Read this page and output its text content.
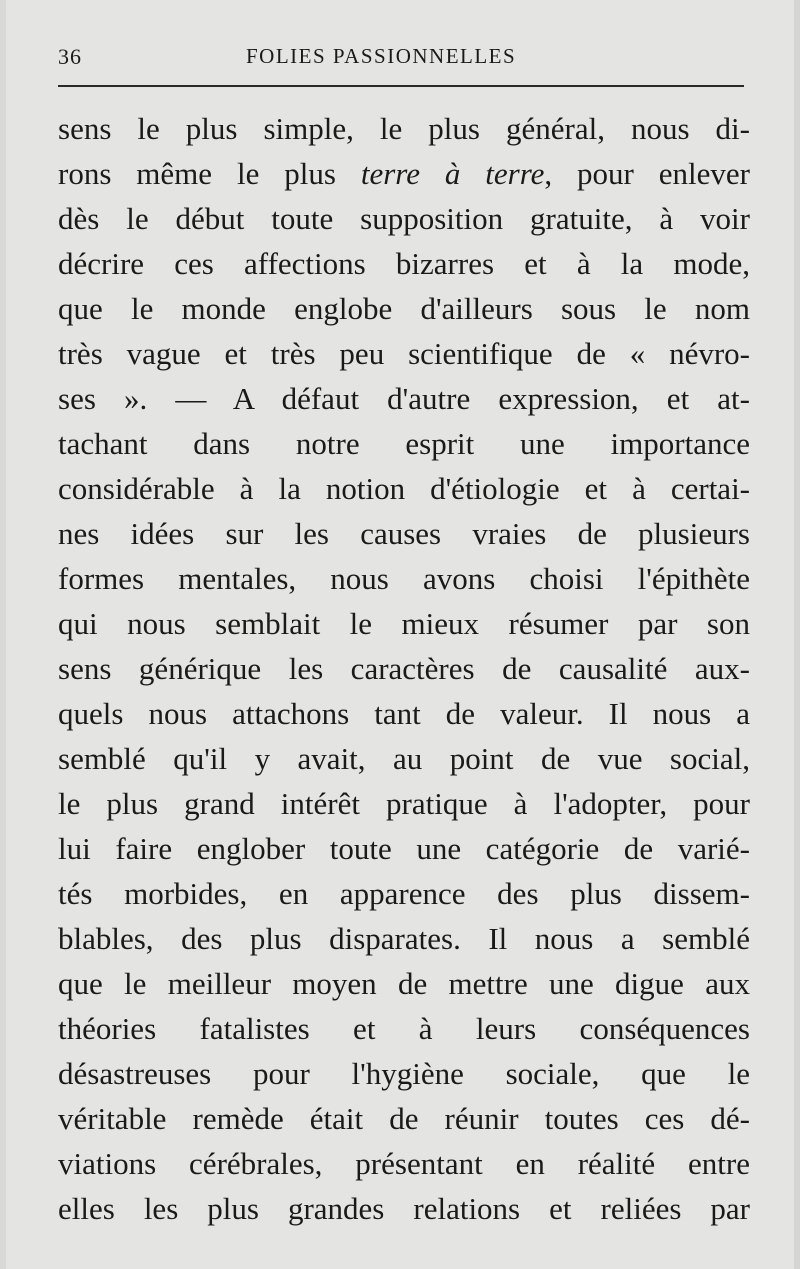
36	FOLIES PASSIONNELLES
sens le plus simple, le plus général, nous di-
rons même le plus terre à terre, pour enlever
dès le début toute supposition gratuite, à voir
décrire ces affections bizarres et à la mode,
que le monde englobe d'ailleurs sous le nom
très vague et très peu scientifique de « névro-
ses ». — A défaut d'autre expression, et at-
tachant dans notre esprit une importance
considérable à la notion d'étiologie et à certai-
nes idées sur les causes vraies de plusieurs
formes mentales, nous avons choisi l'épithète
qui nous semblait le mieux résumer par son
sens générique les caractères de causalité aux-
quels nous attachons tant de valeur. Il nous a
semblé qu'il y avait, au point de vue social,
le plus grand intérêt pratique à l'adopter, pour
lui faire englober toute une catégorie de varié-
tés morbides, en apparence des plus dissem-
blables, des plus disparates. Il nous a semblé
que le meilleur moyen de mettre une digue aux
théories fatalistes et à leurs conséquences
désastreuses pour l'hygiène sociale, que le
véritable remède était de réunir toutes ces dé-
viations cérébrales, présentant en réalité entre
elles les plus grandes relations et reliées par
